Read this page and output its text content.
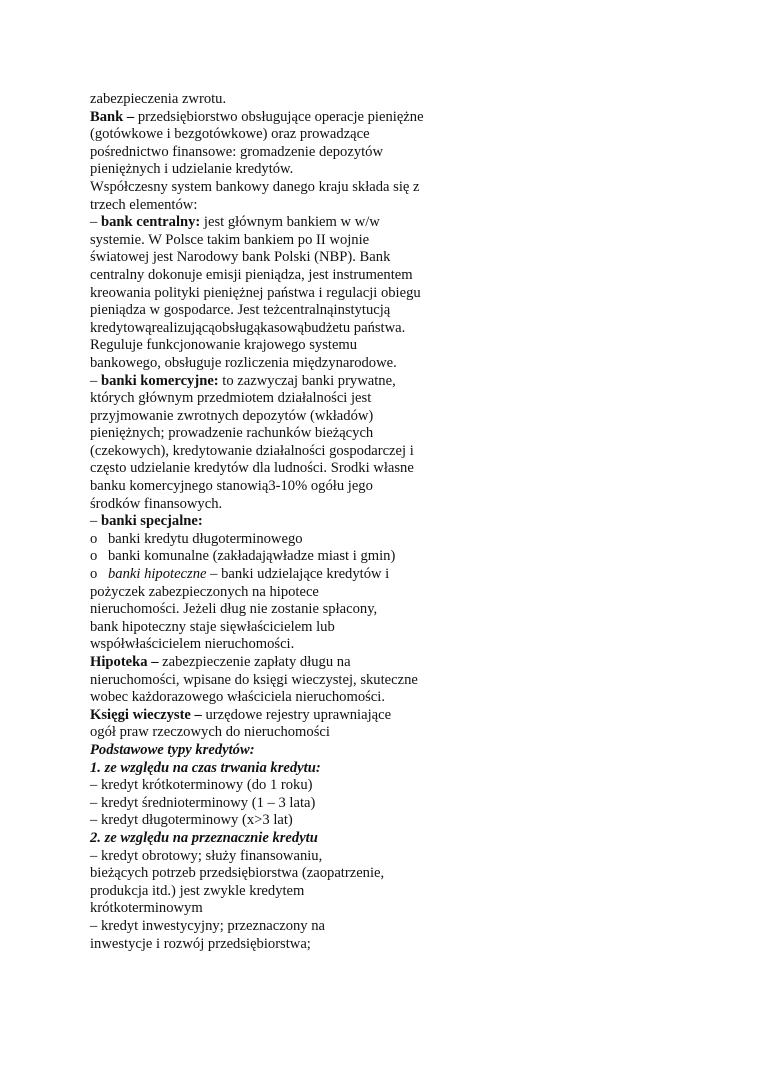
zabezpieczenia zwrotu.
Bank – przedsiębiorstwo obsługujące operacje pieniężne
(gotówkowe i bezgotówkowe) oraz prowadzące
pośrednictwo finansowe: gromadzenie depozytów
pieniężnych i udzielanie kredytów.
Współczesny system bankowy danego kraju składa się z
trzech elementów:
– bank centralny: jest głównym bankiem w w/w
systemie. W Polsce takim bankiem po II wojnie
światowej jest Narodowy bank Polski (NBP). Bank
centralny dokonuje emisji pieniądza, jest instrumentem
kreowania polityki pieniężnej państwa i regulacji obiegu
pieniądza w gospodarce. Jest teżcentralnąinstytucją
kredytowąrealizującąobsługąkasowąbudżetu państwa.
Reguluje funkcjonowanie krajowego systemu
bankowego, obsługuje rozliczenia międzynarodowe.
– banki komercyjne: to zazwyczaj banki prywatne,
których głównym przedmiotem działalności jest
przyjmowanie zwrotnych depozytów (wkładów)
pieniężnych; prowadzenie rachunków bieżących
(czekowych), kredytowanie działalności gospodarczej i
często udzielanie kredytów dla ludności. Srodki własne
banku komercyjnego stanowią3-10% ogółu jego
środków finansowych.
– banki specjalne:
o banki kredytu długoterminowego
o banki komunalne (zakładająwładze miast i gmin)
o banki hipoteczne – banki udzielające kredytów i
pożyczek zabezpieczonych na hipotece
nieruchomości. Jeżeli dług nie zostanie spłacony,
bank hipoteczny staje sięwłaścicielem lub
współwłaścicielem nieruchomości.
Hipoteka – zabezpieczenie zapłaty długu na
nieruchomości, wpisane do księgi wieczystej, skuteczne
wobec każdorazowego właściciela nieruchomości.
Księgi wieczyste – urzędowe rejestry uprawniające
ogół praw rzeczowych do nieruchomości
Podstawowe typy kredytów:
1. ze względu na czas trwania kredytu:
– kredyt krótkoterminowy (do 1 roku)
– kredyt średnioterminowy (1 – 3 lata)
– kredyt długoterminowy (x>3 lat)
2. ze względu na przeznacznie kredytu
– kredyt obrotowy; służy finansowaniu,
bieżących potrzeb przedsiębiorstwa (zaopatrzenie,
produkcja itd.) jest zwykle kredytem
krótkoterminowym
– kredyt inwestycyjny; przeznaczony na
inwestycje i rozwój przedsiębiorstwa;
